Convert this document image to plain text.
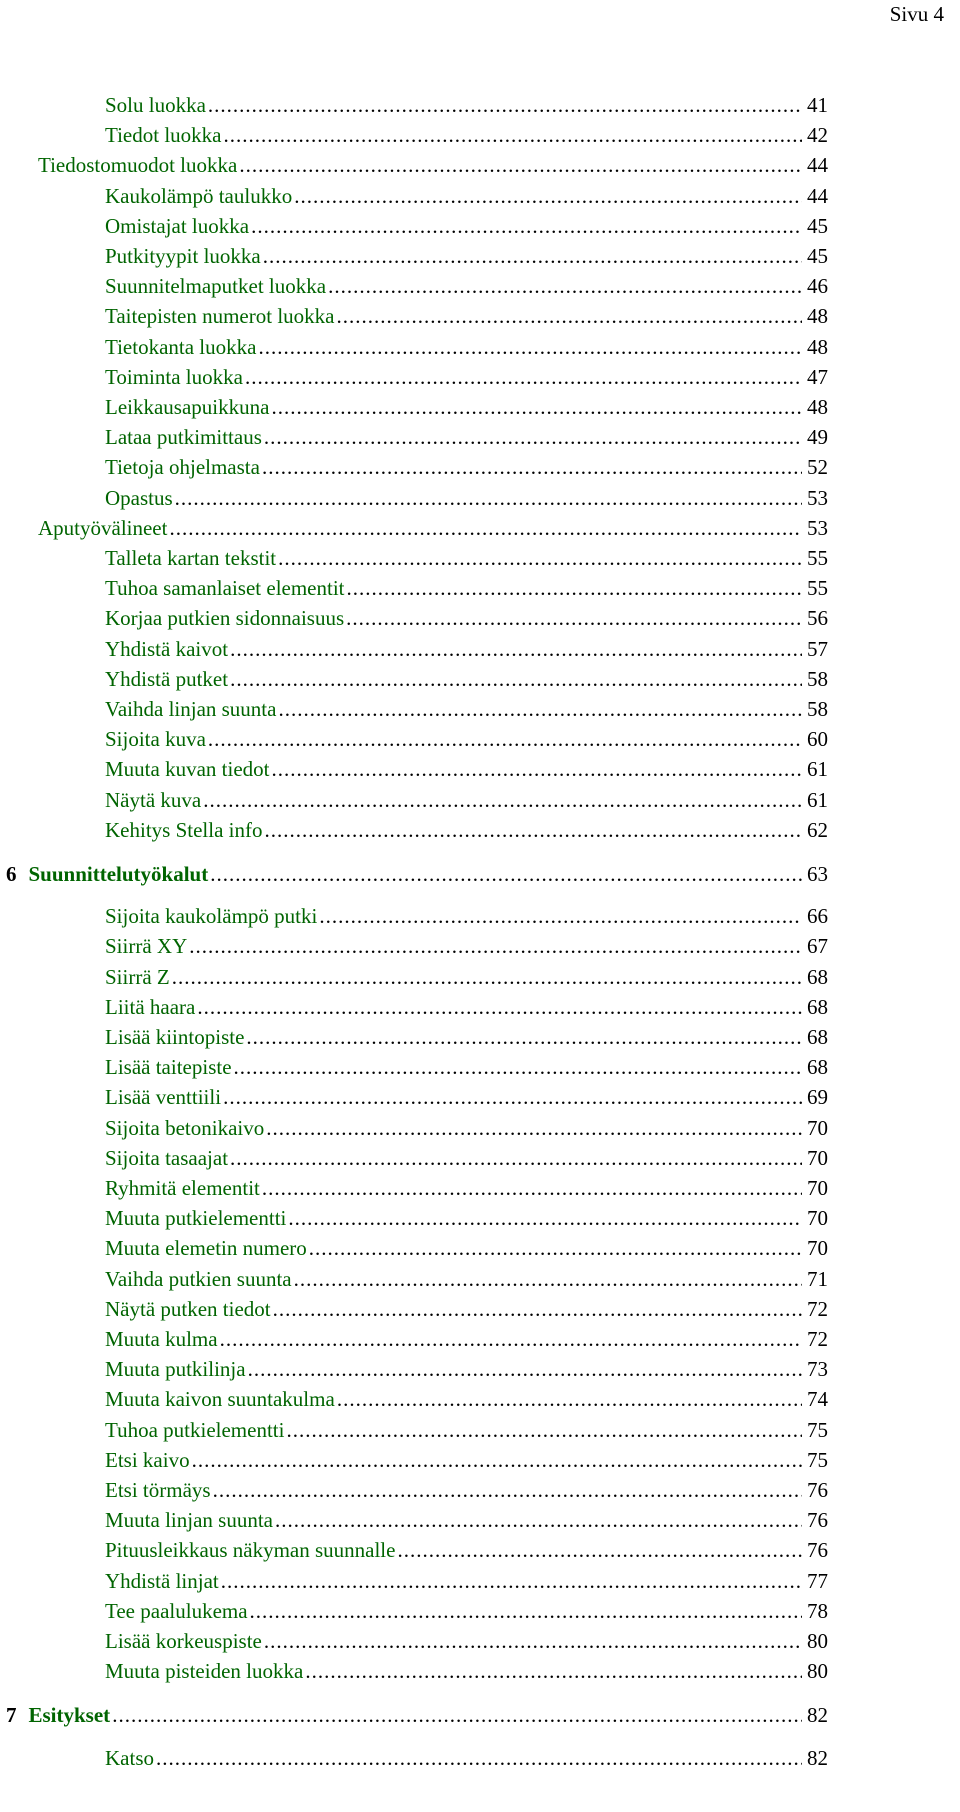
Sivu 4
Solu luokka .....	41
Tiedot luokka .....	42
Tiedostomuodot luokka .....	44
Kaukolämpö taulukko .....	44
Omistajat luokka .....	45
Putkityypit luokka .....	45
Suunnitelmaputket luokka .....	46
Taitepisten numerot luokka .....	48
Tietokanta luokka .....	48
Toiminta luokka .....	47
Leikkausapuikkuna .....	48
Lataa putkimittaus .....	49
Tietoja ohjelmasta .....	52
Opastus .....	53
Aputyövälineet .....	53
Talleta kartan tekstit .....	55
Tuhoa samanlaiset elementit .....	55
Korjaa putkien sidonnaisuus .....	56
Yhdistä kaivot .....	57
Yhdistä putket .....	58
Vaihda linjan suunta .....	58
Sijoita kuva .....	60
Muuta kuvan tiedot .....	61
Näytä kuva .....	61
Kehitys Stella info .....	62
6 Suunnittelutyökalut .....	63
Sijoita kaukolämpö putki .....	66
Siirrä XY .....	67
Siirrä Z .....	68
Liitä haara .....	68
Lisää kiintopiste .....	68
Lisää taitepiste .....	68
Lisää venttiili .....	69
Sijoita betonikaivo .....	70
Sijoita tasaajat .....	70
Ryhmitä elementit .....	70
Muuta putkielementti .....	70
Muuta elemetin numero .....	70
Vaihda putkien suunta .....	71
Näytä putken tiedot .....	72
Muuta kulma .....	72
Muuta putkilinja .....	73
Muuta kaivon suuntakulma .....	74
Tuhoa putkielementti .....	75
Etsi kaivo .....	75
Etsi törmäys .....	76
Muuta linjan suunta .....	76
Pituusleikkaus näkyman suunnalle .....	76
Yhdistä linjat .....	77
Tee paalulukema .....	78
Lisää korkeuspiste .....	80
Muuta pisteiden luokka .....	80
7 Esitykset .....	82
Katso .....	82
